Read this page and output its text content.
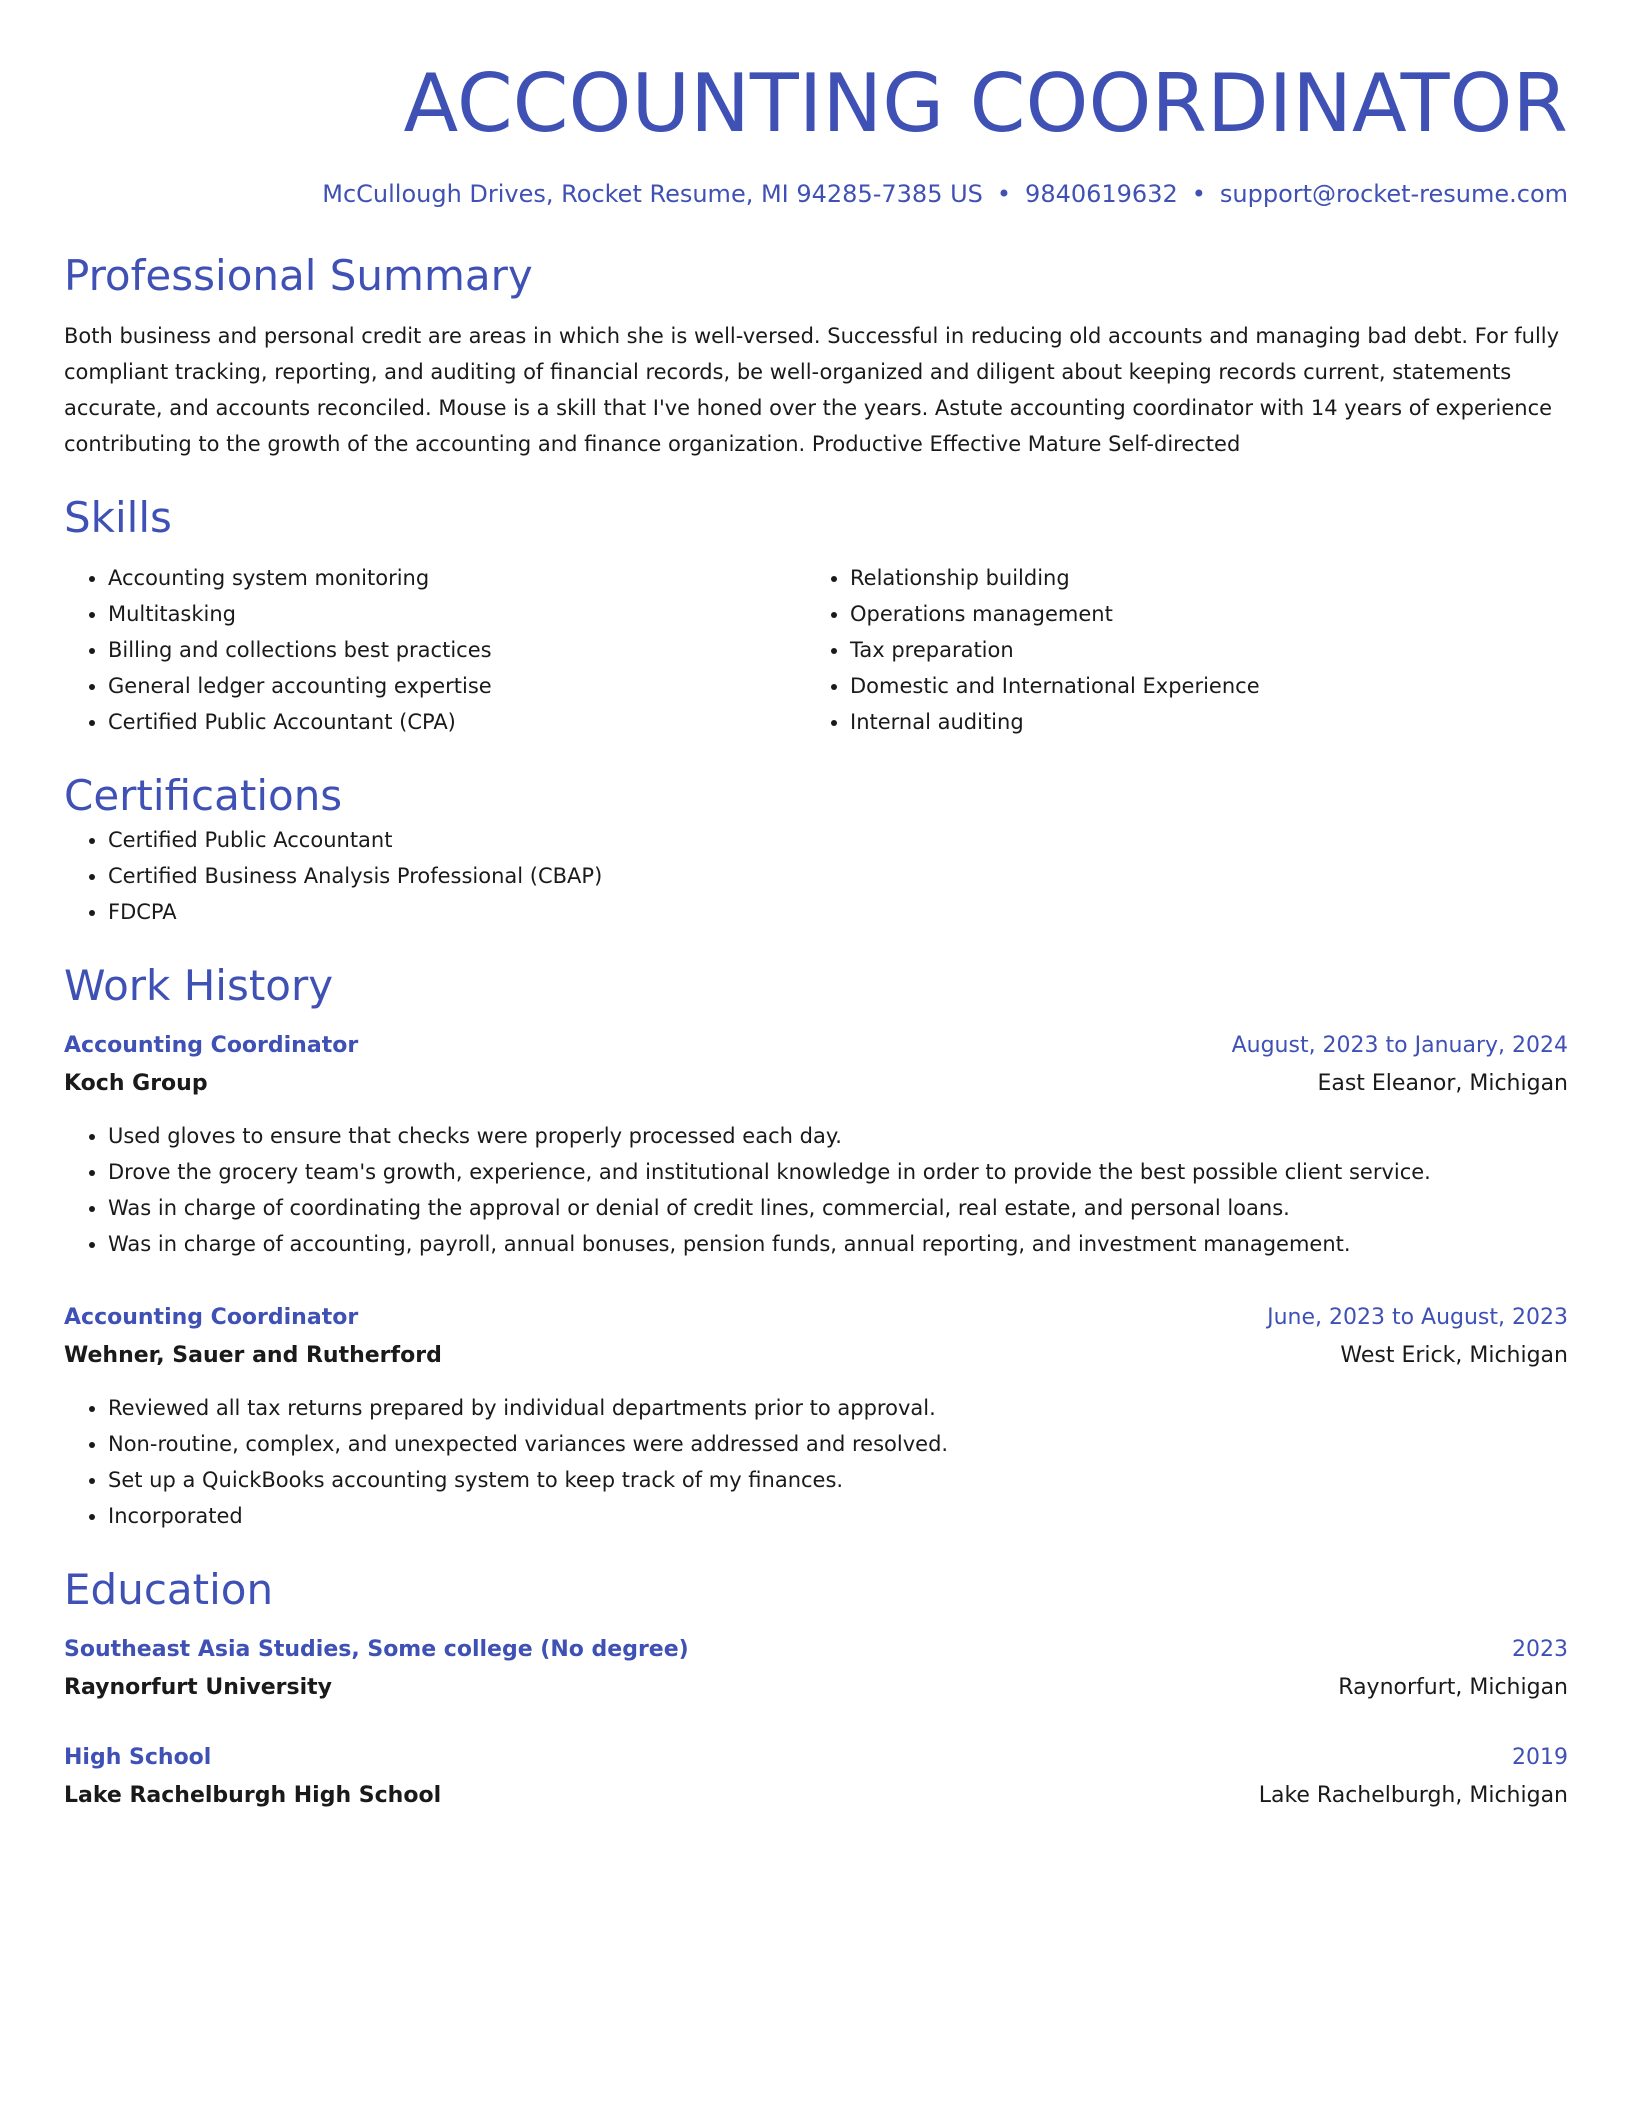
ACCOUNTING COORDINATOR
McCullough Drives, Rocket Resume, MI 94285-7385 US • 9840619632 • support@rocket-resume.com
Professional Summary
Both business and personal credit are areas in which she is well-versed. Successful in reducing old accounts and managing bad debt. For fully compliant tracking, reporting, and auditing of financial records, be well-organized and diligent about keeping records current, statements accurate, and accounts reconciled. Mouse is a skill that I've honed over the years. Astute accounting coordinator with 14 years of experience contributing to the growth of the accounting and finance organization. Productive Effective Mature Self-directed
Skills
• Accounting system monitoring
• Multitasking
• Billing and collections best practices
• General ledger accounting expertise
• Certified Public Accountant (CPA)
• Relationship building
• Operations management
• Tax preparation
• Domestic and International Experience
• Internal auditing
Certifications
• Certified Public Accountant
• Certified Business Analysis Professional (CBAP)
• FDCPA
Work History
Accounting Coordinator	August, 2023 to January, 2024
Koch Group	East Eleanor, Michigan
• Used gloves to ensure that checks were properly processed each day.
• Drove the grocery team's growth, experience, and institutional knowledge in order to provide the best possible client service.
• Was in charge of coordinating the approval or denial of credit lines, commercial, real estate, and personal loans.
• Was in charge of accounting, payroll, annual bonuses, pension funds, annual reporting, and investment management.
Accounting Coordinator	June, 2023 to August, 2023
Wehner, Sauer and Rutherford	West Erick, Michigan
• Reviewed all tax returns prepared by individual departments prior to approval.
• Non-routine, complex, and unexpected variances were addressed and resolved.
• Set up a QuickBooks accounting system to keep track of my finances.
• Incorporated
Education
Southeast Asia Studies, Some college (No degree)	2023
Raynorfurt University	Raynorfurt, Michigan
High School	2019
Lake Rachelburgh High School	Lake Rachelburgh, Michigan
